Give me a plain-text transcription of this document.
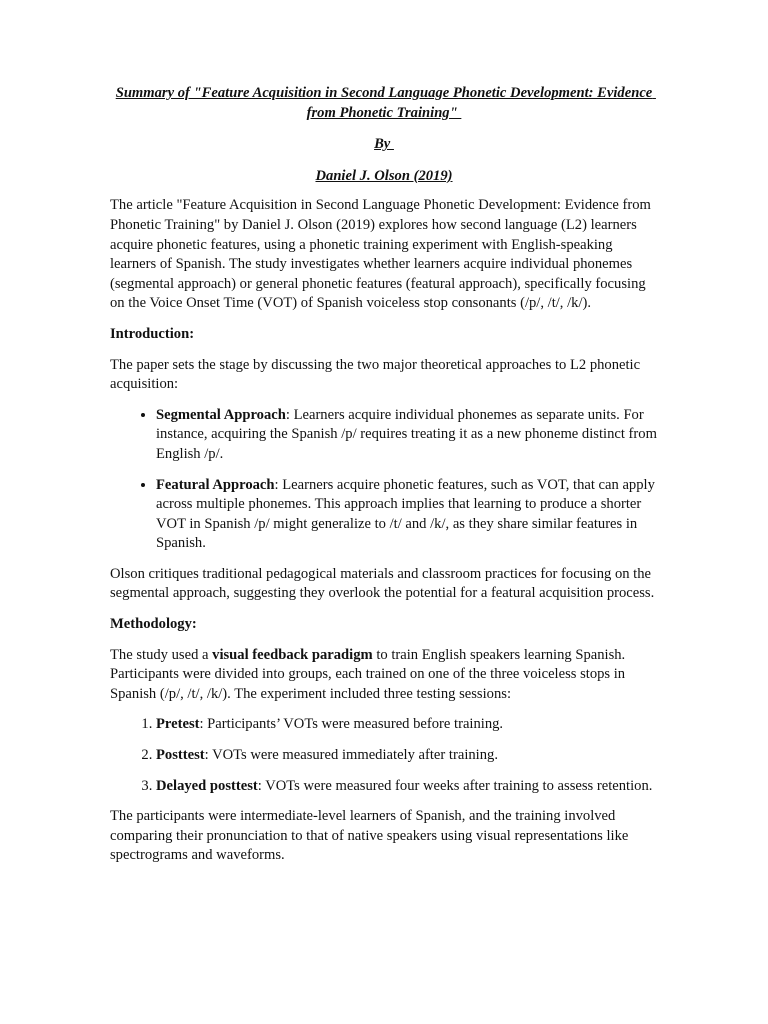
Summary of "Feature Acquisition in Second Language Phonetic Development: Evidence from Phonetic Training"
By
Daniel J. Olson (2019)

The article "Feature Acquisition in Second Language Phonetic Development: Evidence from Phonetic Training" by Daniel J. Olson (2019) explores how second language (L2) learners acquire phonetic features, using a phonetic training experiment with English-speaking learners of Spanish. The study investigates whether learners acquire individual phonemes (segmental approach) or general phonetic features (featural approach), specifically focusing on the Voice Onset Time (VOT) of Spanish voiceless stop consonants (/p/, /t/, /k/).

Introduction:

The paper sets the stage by discussing the two major theoretical approaches to L2 phonetic acquisition:

• Segmental Approach: Learners acquire individual phonemes as separate units. For instance, acquiring the Spanish /p/ requires treating it as a new phoneme distinct from English /p/.
• Featural Approach: Learners acquire phonetic features, such as VOT, that can apply across multiple phonemes. This approach implies that learning to produce a shorter VOT in Spanish /p/ might generalize to /t/ and /k/, as they share similar features in Spanish.

Olson critiques traditional pedagogical materials and classroom practices for focusing on the segmental approach, suggesting they overlook the potential for a featural acquisition process.

Methodology:

The study used a visual feedback paradigm to train English speakers learning Spanish. Participants were divided into groups, each trained on one of the three voiceless stops in Spanish (/p/, /t/, /k/). The experiment included three testing sessions:

1. Pretest: Participants’ VOTs were measured before training.
2. Posttest: VOTs were measured immediately after training.
3. Delayed posttest: VOTs were measured four weeks after training to assess retention.

The participants were intermediate-level learners of Spanish, and the training involved comparing their pronunciation to that of native speakers using visual representations like spectrograms and waveforms.
